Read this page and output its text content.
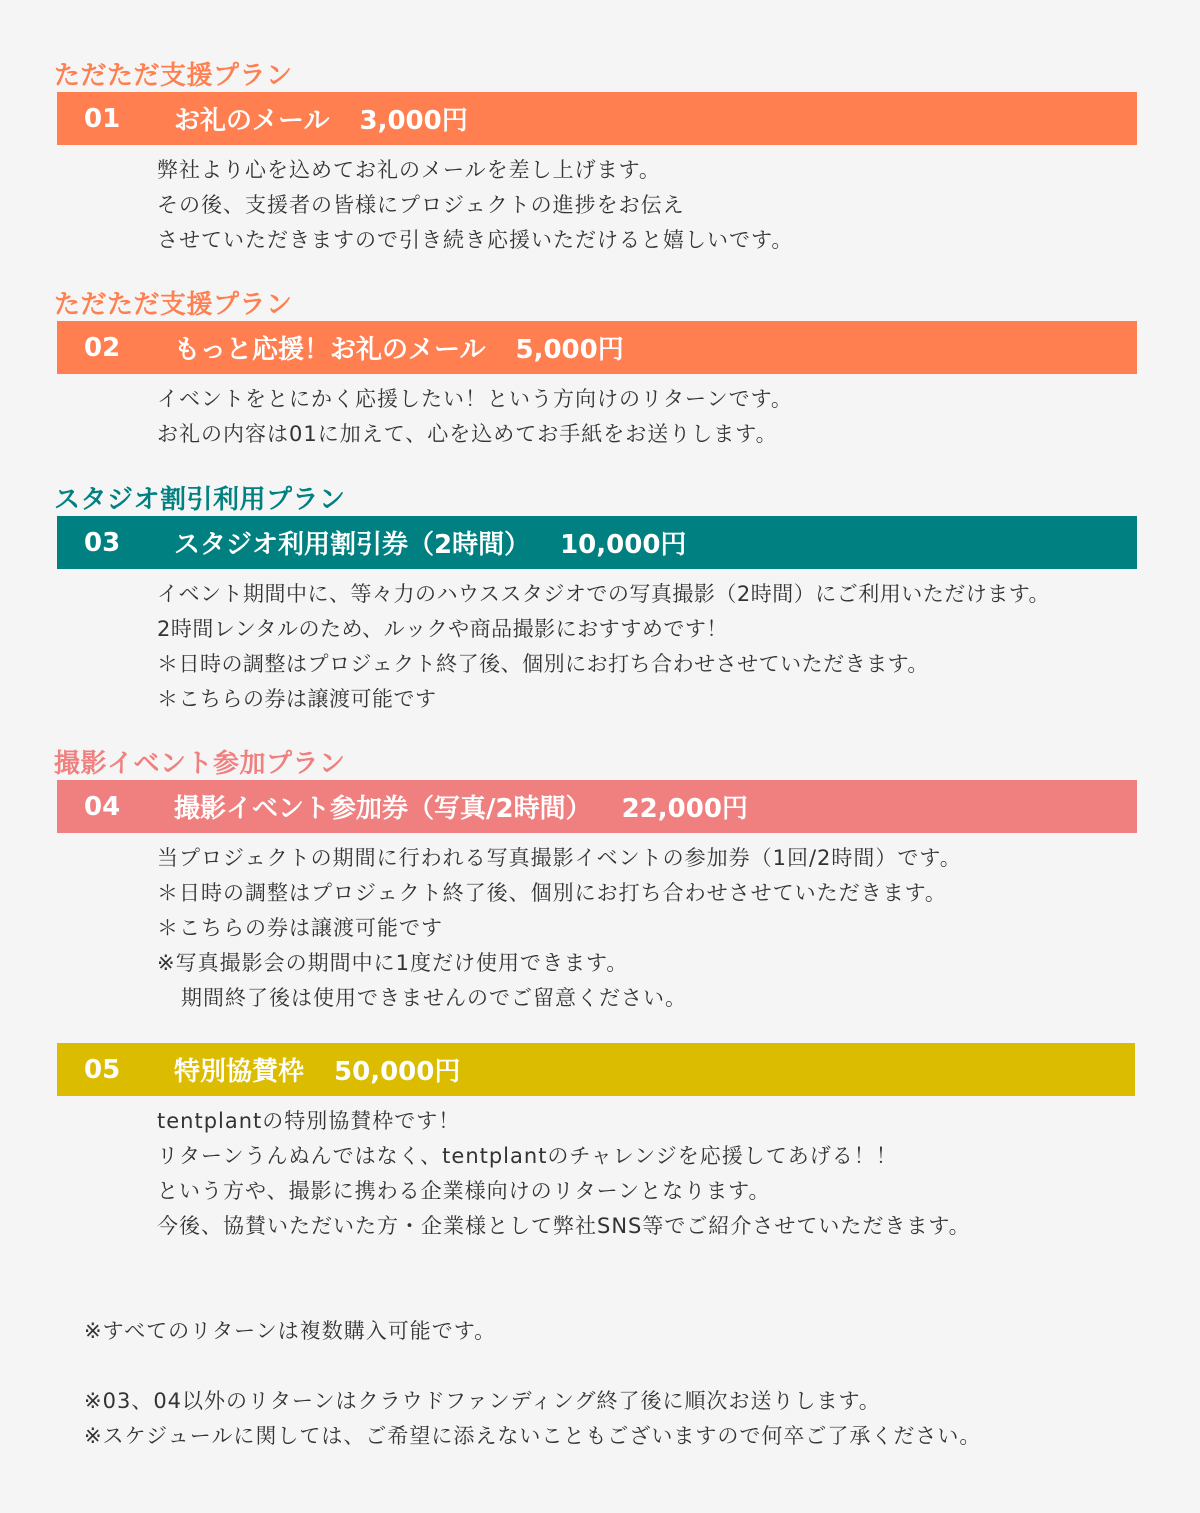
ただただ支援プラン
01	お礼のメール 3,000円

弊社より心を込めてお礼のメールを差し上げます。

その後、支援者の皆様にプロジェクトの進捗をお伝え

させていただきますので引き続き応援いただけると嬉しいです。

ただただ支援プラン
02	もっと応援！お礼のメール 5,000円

イベントをとにかく応援したい！という方向けのリターンです。

お礼の内容は01に加えて、心を込めてお手紙をお送りします。

スタジオ割引利用プラン
03	スタジオ利用割引券（2時間） 10,000円

イベント期間中に、等々力のハウススタジオでの写真撮影（2時間）にご利用いただけます。

2時間レンタルのため、ルックや商品撮影におすすめです！

＊日時の調整はプロジェクト終了後、個別にお打ち合わせさせていただきます。

＊こちらの券は譲渡可能です

撮影イベント参加プラン
04	撮影イベント参加券（写真/2時間） 22,000円

当プロジェクトの期間に行われる写真撮影イベントの参加券（1回/2時間）です。

＊日時の調整はプロジェクト終了後、個別にお打ち合わせさせていただきます。

＊こちらの券は譲渡可能です

※写真撮影会の期間中に1度だけ使用できます。

期間終了後は使用できませんのでご留意ください。

05	特別協賛枠 50,000円

tentplantの特別協賛枠です！

リターンうんぬんではなく、tentplantのチャレンジを応援してあげる！！

という方や、撮影に携わる企業様向けのリターンとなります。

今後、協賛いただいた方・企業様として弊社SNS等でご紹介させていただきます。

※すべてのリターンは複数購入可能です。

※03、04以外のリターンはクラウドファンディング終了後に順次お送りします。

※スケジュールに関しては、ご希望に添えないこともございますので何卒ご了承ください。
